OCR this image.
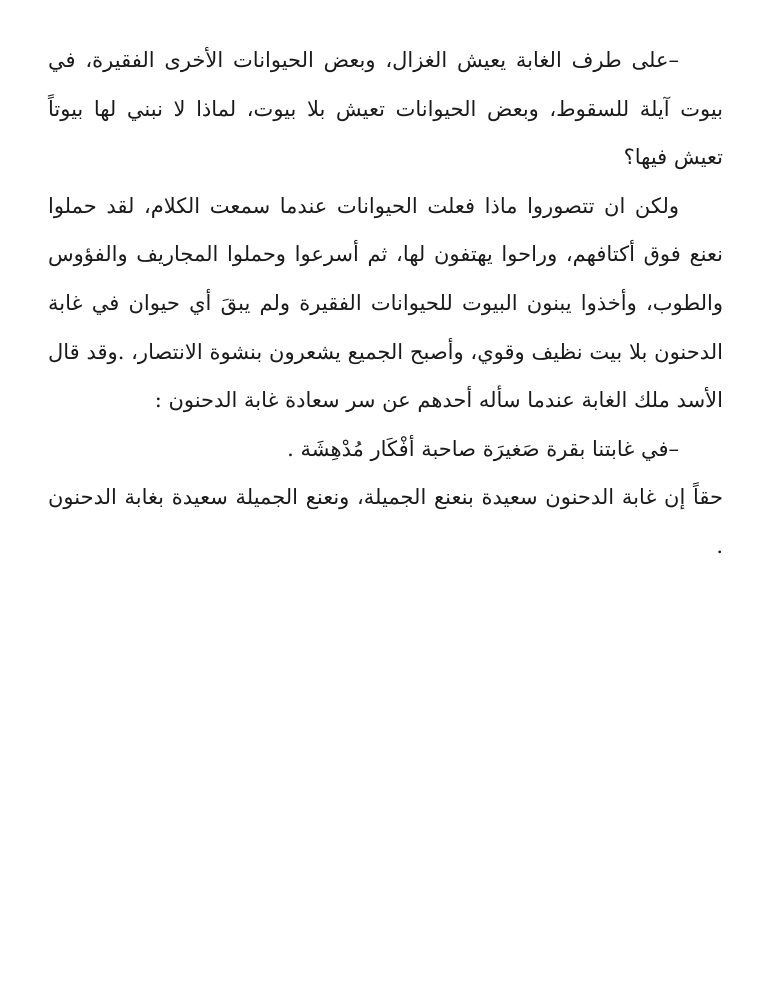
–على طرف الغابة يعيش الغزال، وبعض الحيوانات الأخرى الفقيرة، في بيوت آيلة للسقوط، وبعض الحيوانات تعيش بلا بيوت، لماذا لا نبني لها بيوتاً تعيش فيها؟

ولكن ان تتصوروا ماذا فعلت الحيوانات عندما سمعت الكلام، لقد حملوا نعنع فوق أكتافهم، وراحوا يهتفون لها، ثم أسرعوا وحملوا المجاريف والفؤوس والطوب، وأخذوا يبنون البيوت للحيوانات الفقيرة ولم يبقَ أي حيوان في غابة الدحنون بلا بيت نظيف وقوي، وأصبح الجميع يشعرون بنشوة الانتصار، .وقد قال الأسد ملك الغابة عندما سأله أحدهم عن سر سعادة غابة الدحنون :

–في غابتنا بقرة صَغيرَة صاحبة أفْكَار مُدْهِشَة .

حقاً إن غابة الدحنون سعيدة بنعنع الجميلة، ونعنع الجميلة سعيدة بغابة الدحنون .
